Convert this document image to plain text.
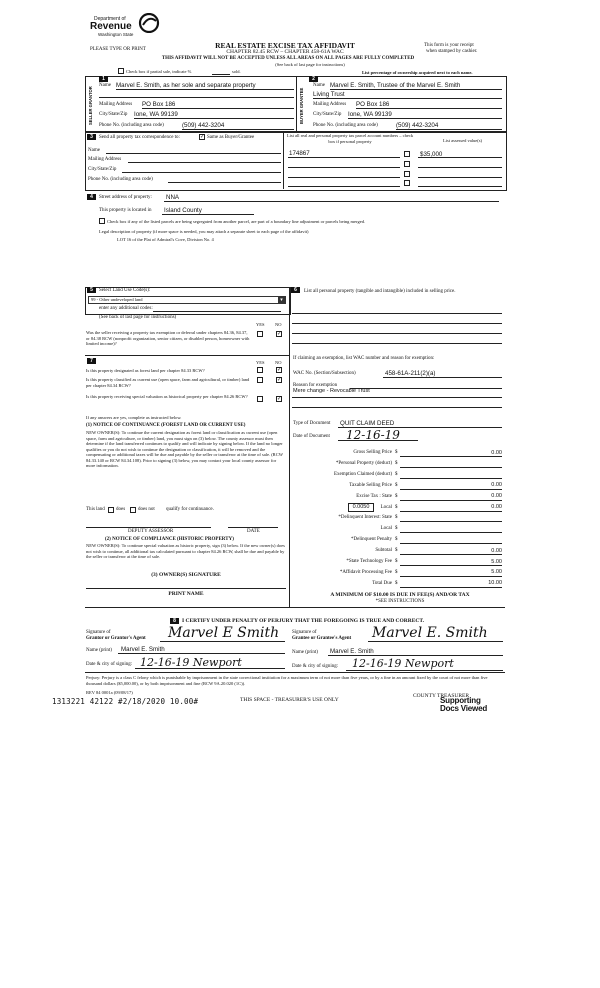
Department of
Revenue
Washington State
PLEASE TYPE OR PRINT	REAL ESTATE EXCISE TAX AFFIDAVIT
CHAPTER 82.45 RCW – CHAPTER 458-61A WAC
THIS AFFIDAVIT WILL NOT BE ACCEPTED UNLESS ALL AREAS ON ALL PAGES ARE FULLY COMPLETED
(See back of last page for instructions)
This form is your receipt
when stamped by cashier.
Check box if partial sale, indicate %	sold.	List percentage of ownership acquired next to each name.
1	2
SELLER GRANTOR	BUYER GRANTEE
Name Marvel E. Smith, as her sole and separate property
Mailing Address PO Box 186
City/State/Zip Ione, WA 99139
Phone No. (including area code)	(509) 442-3204
Name Marvel E. Smith, Trustee of the Marvel E. Smith
Living Trust
Mailing Address PO Box 186
City/State/Zip Ione, WA 99139
Phone No. (including area code)	(509) 442-3204
3	Send all property tax correspondence to:	✓ Same as Buyer/Grantee
Name
Mailing Address
City/State/Zip
Phone No. (including area code)
List all real and personal property tax parcel account numbers – check box if personal property	List assessed value(s)
174867	$35,000
4	Street address of property: NNA
This property is located in Island County
Check box if any of the listed parcels are being segregated from another parcel, are part of a boundary line adjustment or parcels being merged.
Legal description of property (if more space is needed, you may attach a separate sheet to each page of the affidavit)
LOT 16 of the Plat of Admiral's Cove, Division No. 4
5	Select Land Use Code(s):
99 - Other undeveloped land	▾
enter any additional codes:
(See back of last page for instructions)
YES NO
Was the seller receiving a property tax exemption or deferral under chapters 84.36, 84.37, or 84.38 RCW (nonprofit organization, senior citizen, or disabled person, homeowner with limited income)?
✓
7	YES NO
Is this property designated as forest land per chapter 84.33 RCW?	✓
Is this property classified as current use (open space, farm and agricultural, or timber) land per chapter 84.34 RCW?
✓
Is this property receiving special valuation as historical property per chapter 84.26 RCW?	✓
If any answers are yes, complete as instructed below.
(1) NOTICE OF CONTINUANCE (FOREST LAND OR CURRENT USE)
NEW OWNER(S): To continue the current designation as forest land or classification as current use (open space, farm and agriculture, or timber) land, you must sign on (3) below. The county assessor must then determine if the land transferred continues to qualify and will indicate by signing below. If the land no longer qualifies or you do not wish to continue the designation or classification, it will be removed and the compensating or additional taxes will be due and payable by the seller or transferor at the time of sale. (RCW 84.33.140 or RCW 84.34.108). Prior to signing (3) below, you may contact your local county assessor for more information.
This land does	does not qualify for continuance.
DEPUTY ASSESSOR	DATE
(2) NOTICE OF COMPLIANCE (HISTORIC PROPERTY)
NEW OWNER(S): To continue special valuation as historic property, sign (3) below. If the new owner(s) does not wish to continue, all additional tax calculated pursuant to chapter 84.26 RCW, shall be due and payable by the seller or transferor at the time of sale.
(3) OWNER(S) SIGNATURE
PRINT NAME
6	List all personal property (tangible and intangible) included in selling price.
If claiming an exemption, list WAC number and reason for exemption:
WAC No. (Section/Subsection)	458-61A-211(2)(a)
Reason for exemption
Mere change - Revocable Trust
Type of Document QUIT CLAIM DEED
Date of Document 12-16-19
Gross Selling Price $	0.00
*Personal Property (deduct) $
Exemption Claimed (deduct) $
Taxable Selling Price $	0.00
Excise Tax : State $	0.00
Local $	0.00
0.0050
*Delinquent Interest: State $
Local $
*Delinquent Penalty $
Subtotal $	0.00
*State Technology Fee $	5.00
*Affidavit Processing Fee $	5.00
Total Due $	10.00
A MINIMUM OF $10.00 IS DUE IN FEE(S) AND/OR TAX
*SEE INSTRUCTIONS
8	I CERTIFY UNDER PENALTY OF PERJURY THAT THE FOREGOING IS TRUE AND CORRECT.
Signature of
Grantor or Grantor's Agent Marvel E Smith
Name (print) Marvel E. Smith
Date & city of signing: 12-16-19 Newport
Signature of
Grantee or Grantee's Agent Marvel E. Smith
Name (print) Marvel E. Smith
Date & city of signing: 12-16-19 Newport
Perjury: Perjury is a class C felony which is punishable by imprisonment in the state correctional institution for a maximum term of not more than five years, or by a fine in an amount fixed by the court of not more than five thousand dollars ($5,000.00), or by both imprisonment and fine (RCW 9A.20.020 (1C)).
REV 84 0001a (09/08/17)
1313221 42122 #2/18/2020 10.00#	THIS SPACE - TREASURER'S USE ONLY
COUNTY TREASURER
Supporting
Docs Viewed
